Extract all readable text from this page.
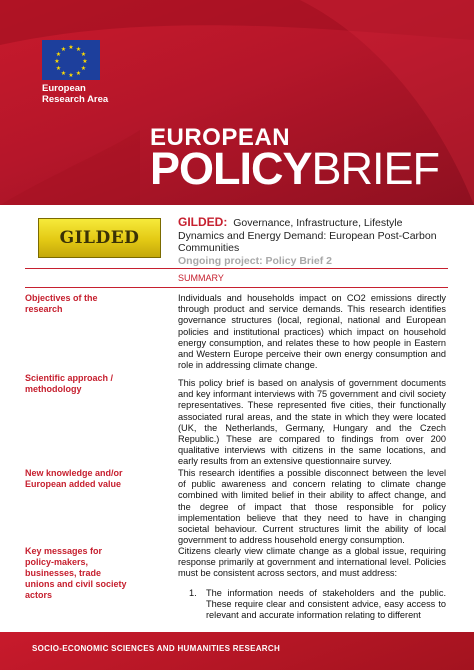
★ ★
★
★
★
★
★
★
★
★
★
★
European
Research Area
EUROPEAN
POLICYBRIEF
GILDED
GILDED: Governance, Infrastructure, Lifestyle Dynamics and Energy Demand: European Post-Carbon Communities
Ongoing project: Policy Brief 2
SUMMARY
Objectives of the research
Individuals and households impact on CO2 emissions directly through product and service demands. This research identifies governance structures (local, regional, national and European policies and institutional practices) which impact on household energy consumption, and relates these to how people in Eastern and Western Europe perceive their own energy consumption and role in addressing climate change.
Scientific approach / methodology
This policy brief is based on analysis of government documents and key informant interviews with 75 government and civil society representatives. These represented five cities, their functionally associated rural areas, and the state in which they were located (UK, the Netherlands, Germany, Hungary and the Czech Republic.) These are compared to findings from over 200 qualitative interviews with citizens in the same locations, and early results from an extensive questionnaire survey.
New knowledge and/or European added value
This research identifies a possible disconnect between the level of public awareness and concern relating to climate change combined with limited belief in their ability to affect change, and the degree of impact that those responsible for policy implementation believe that they need to have in changing societal behaviour. Current structures limit the ability of local government to address household energy consumption.
Key messages for policy-makers, businesses, trade unions and civil society actors
Citizens clearly view climate change as a global issue, requiring response primarily at government and international level. Policies must be consistent across sectors, and must address:
1.	The information needs of stakeholders and the public. These require clear and consistent advice, easy access to relevant and accurate information relating to different
SOCIO-ECONOMIC SCIENCES AND HUMANITIES RESEARCH
